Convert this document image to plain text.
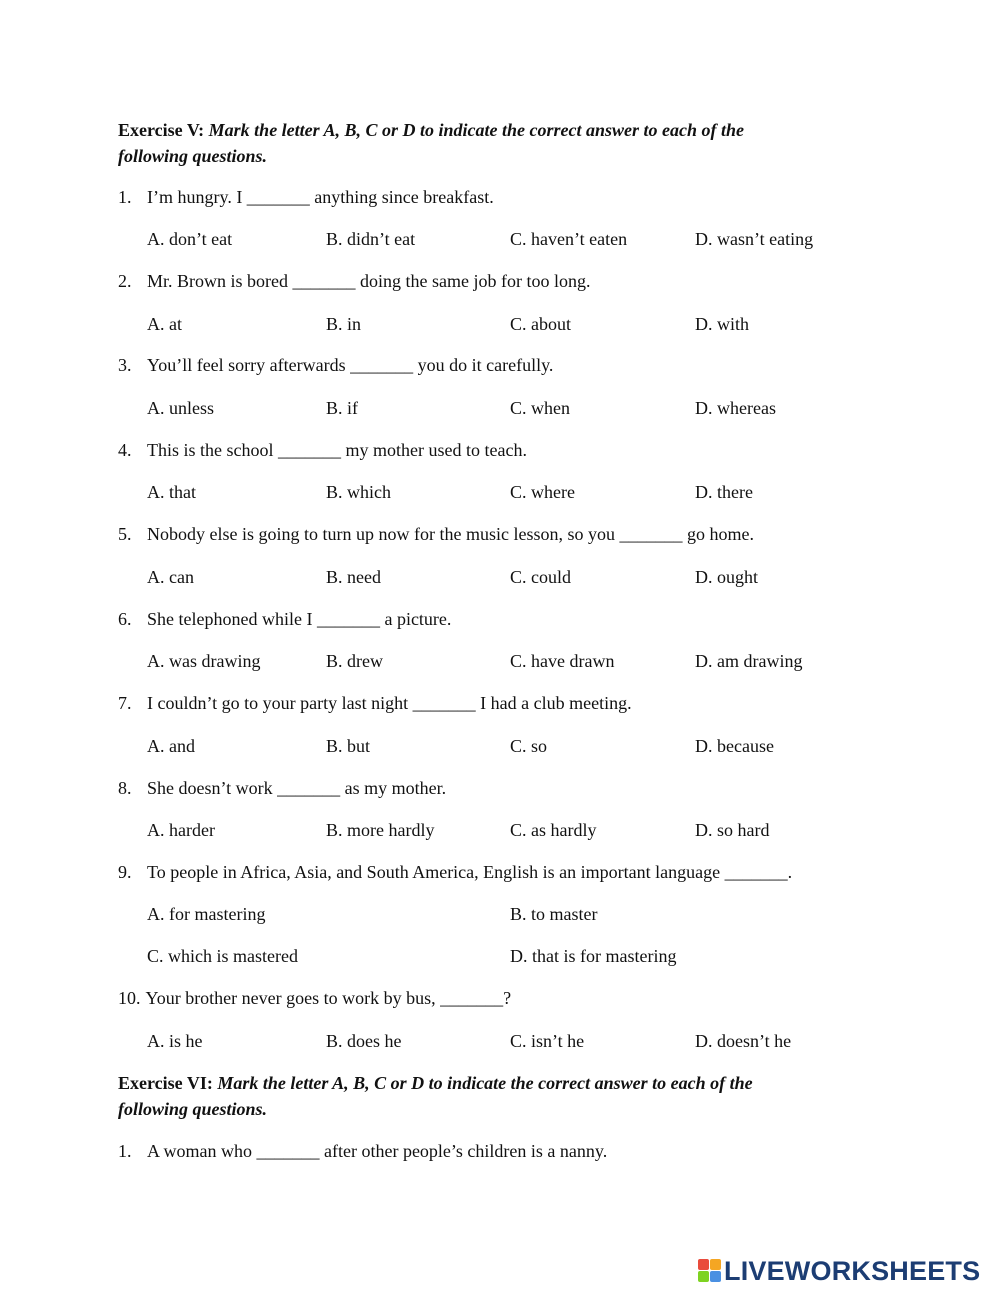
Exercise V: Mark the letter A, B, C or D to indicate the correct answer to each of the
following questions.
1. I’m hungry. I _______ anything since breakfast.
A. don’t eat	B. didn’t eat	C. haven’t eaten	D. wasn’t eating
2. Mr. Brown is bored _______ doing the same job for too long.
A. at	B. in	C. about	D. with
3. You’ll feel sorry afterwards _______ you do it carefully.
A. unless	B. if	C. when	D. whereas
4. This is the school _______ my mother used to teach.
A. that	B. which	C. where	D. there
5. Nobody else is going to turn up now for the music lesson, so you _______ go home.
A. can	B. need	C. could	D. ought
6. She telephoned while I _______ a picture.
A. was drawing	B. drew	C. have drawn	D. am drawing
7. I couldn’t go to your party last night _______ I had a club meeting.
A. and	B. but	C. so	D. because
8. She doesn’t work _______ as my mother.
A. harder	B. more hardly	C. as hardly	D. so hard
9. To people in Africa, Asia, and South America, English is an important language _______.
A. for mastering	B. to master
C. which is mastered	D. that is for mastering
10. Your brother never goes to work by bus, _______?
A. is he	B. does he	C. isn’t he	D. doesn’t he
Exercise VI: Mark the letter A, B, C or D to indicate the correct answer to each of the
following questions.
1. A woman who _______ after other people’s children is a nanny.
LIVEWORKSHEETS
